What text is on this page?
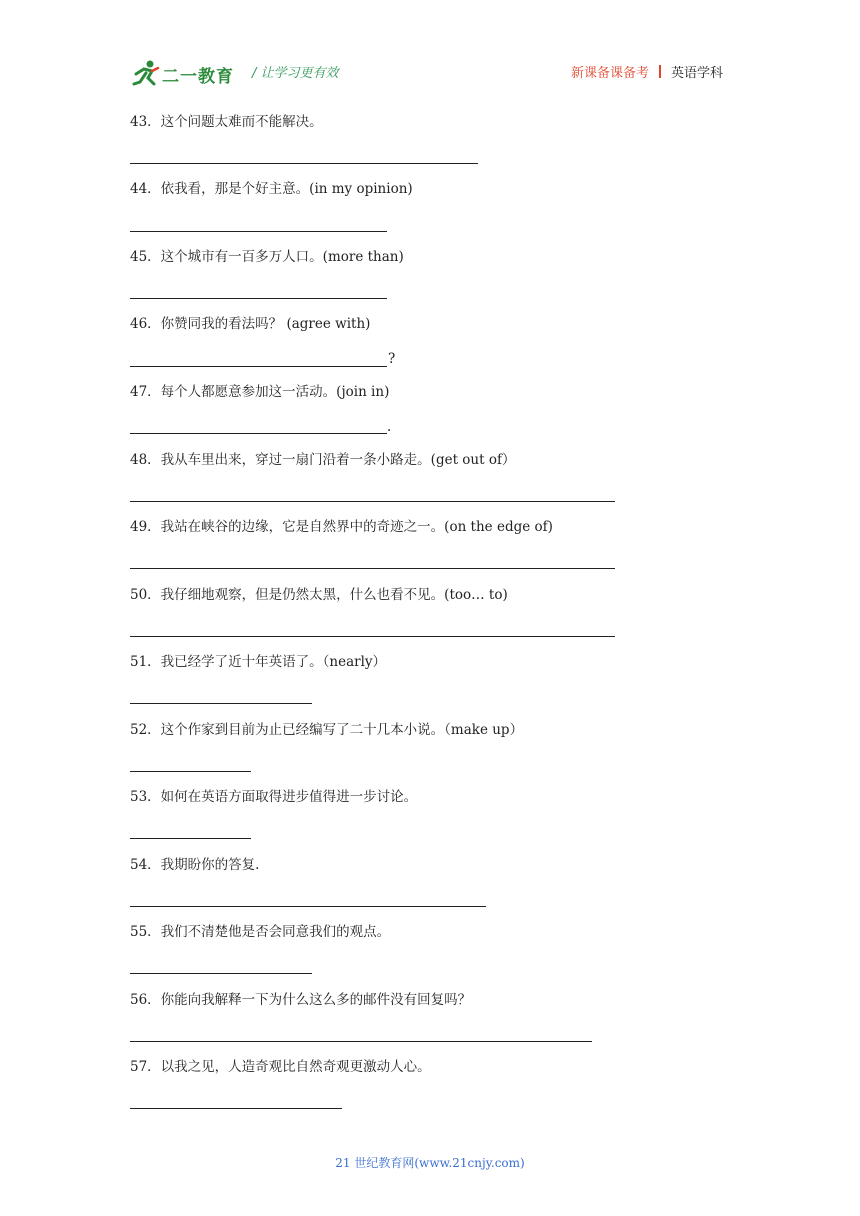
二一教育 / 让学习更有效	新课备课备考 英语学科
43．这个问题太难而不能解决。
44．依我看，那是个好主意。(in my opinion)
45．这个城市有一百多万人口。(more than)
46．你赞同我的看法吗？ (agree with)
?
47．每个人都愿意参加这一活动。(join in)
.
48．我从车里出来，穿过一扇门沿着一条小路走。(get out of）
49．我站在峡谷的边缘，它是自然界中的奇迹之一。(on the edge of)
50．我仔细地观察，但是仍然太黑，什么也看不见。(too… to)
51．我已经学了近十年英语了。（nearly）
52．这个作家到目前为止已经编写了二十几本小说。（make up）
53．如何在英语方面取得进步值得进一步讨论。
54．我期盼你的答复.
55．我们不清楚他是否会同意我们的观点。
56．你能向我解释一下为什么这么多的邮件没有回复吗？
57．以我之见，人造奇观比自然奇观更激动人心。
21 世纪教育网(www.21cnjy.com)
